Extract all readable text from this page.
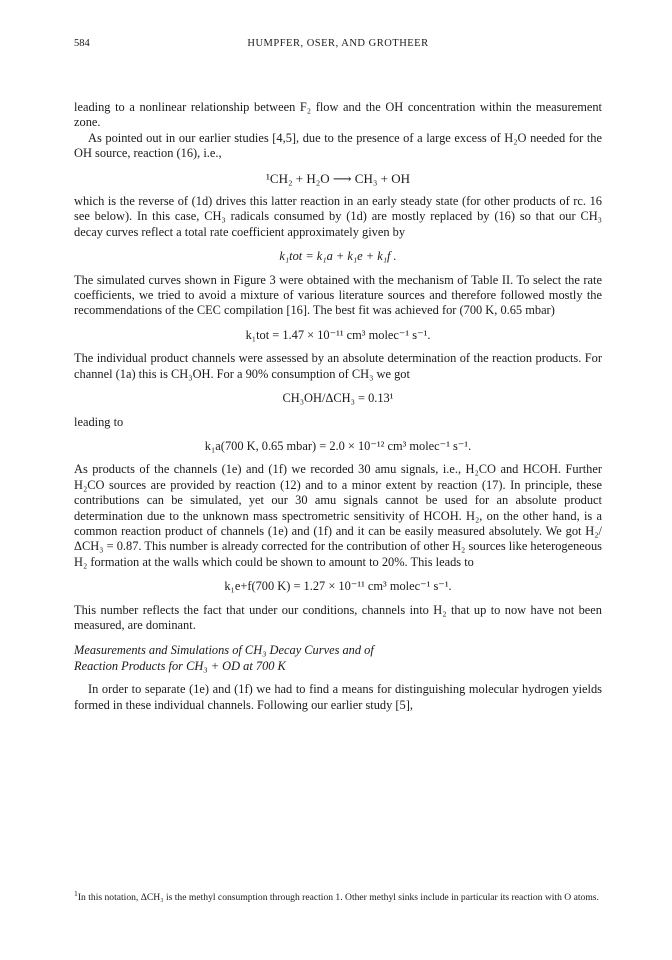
584	HUMPFER, OSER, AND GROTHEER

leading to a nonlinear relationship between F₂ flow and the OH concentration within the measurement zone.

As pointed out in our earlier studies [4,5], due to the presence of a large excess of H₂O needed for the OH source, reaction (16), i.e.,

¹CH₂ + H₂O ⟶ CH₃ + OH

which is the reverse of (1d) drives this latter reaction in an early steady state (for other products of rc. 16 see below). In this case, CH₃ radicals consumed by (1d) are mostly replaced by (16) so that our CH₃ decay curves reflect a total rate coefficient approximately given by

k₁tot = k₁a + k₁e + k₁f .

The simulated curves shown in Figure 3 were obtained with the mechanism of Table II. To select the rate coefficients, we tried to avoid a mixture of various literature sources and therefore followed mostly the recommendations of the CEC compilation [16]. The best fit was achieved for (700 K, 0.65 mbar)

k₁tot = 1.47 × 10⁻¹¹ cm³ molec⁻¹ s⁻¹.

The individual product channels were assessed by an absolute determination of the reaction products. For channel (1a) this is CH₃OH. For a 90% consumption of CH₃ we got

CH₃OH/ΔCH₃ = 0.13¹

leading to

k₁a(700 K, 0.65 mbar) = 2.0 × 10⁻¹² cm³ molec⁻¹ s⁻¹.

As products of the channels (1e) and (1f) we recorded 30 amu signals, i.e., H₂CO and HCOH. Further H₂CO sources are provided by reaction (12) and to a minor extent by reaction (17). In principle, these contributions can be simulated, yet our 30 amu signals cannot be used for an absolute product determination due to the unknown mass spectrometric sensitivity of HCOH. H₂, on the other hand, is a common reaction product of channels (1e) and (1f) and it can be easily measured absolutely. We got H₂/ΔCH₃ = 0.87. This number is already corrected for the contribution of other H₂ sources like heterogeneous H₂ formation at the walls which could be shown to amount to 20%. This leads to

k₁e+f(700 K) = 1.27 × 10⁻¹¹ cm³ molec⁻¹ s⁻¹.

This number reflects the fact that under our conditions, channels into H₂ that up to now have not been measured, are dominant.

Measurements and Simulations of CH₃ Decay Curves and of
Reaction Products for CH₃ + OD at 700 K

In order to separate (1e) and (1f) we had to find a means for distinguishing molecular hydrogen yields formed in these individual channels. Following our earlier study [5],

$^1$In this notation, ΔCH₃ is the methyl consumption through reaction 1. Other methyl sinks include in particular its reaction with O atoms.
